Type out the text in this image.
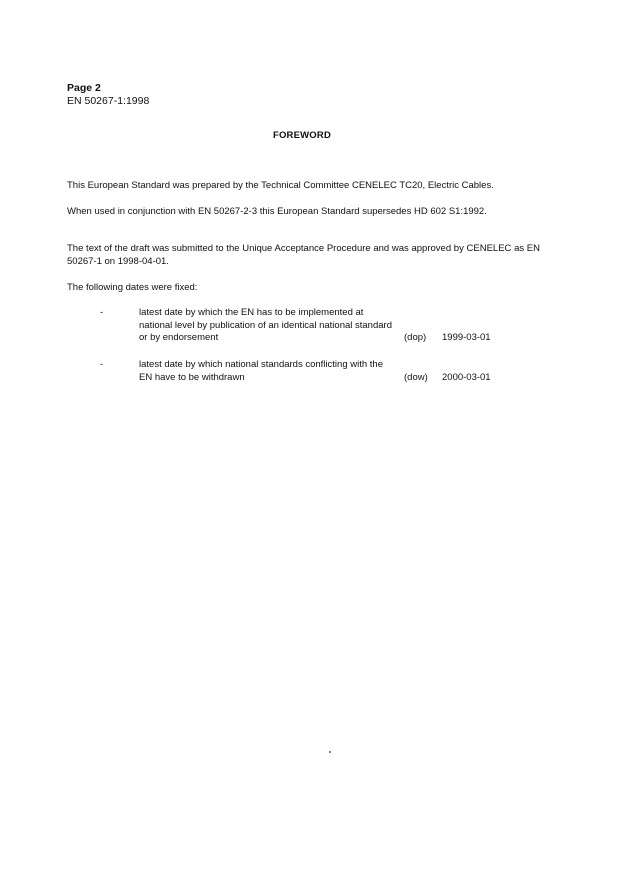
Page 2
EN 50267-1:1998
FOREWORD
This European Standard was prepared by the Technical Committee CENELEC TC20, Electric Cables.
When used in conjunction with EN 50267-2-3 this European Standard supersedes HD 602 S1:1992.
The text of the draft was submitted to the Unique Acceptance Procedure and was approved by CENELEC as EN 50267-1 on 1998-04-01.
The following dates were fixed:
-	latest date by which the EN has to be implemented at national level by publication of an identical national standard or by endorsement	(dop)	1999-03-01
-	latest date by which national standards conflicting with the EN have to be withdrawn	(dow)	2000-03-01
